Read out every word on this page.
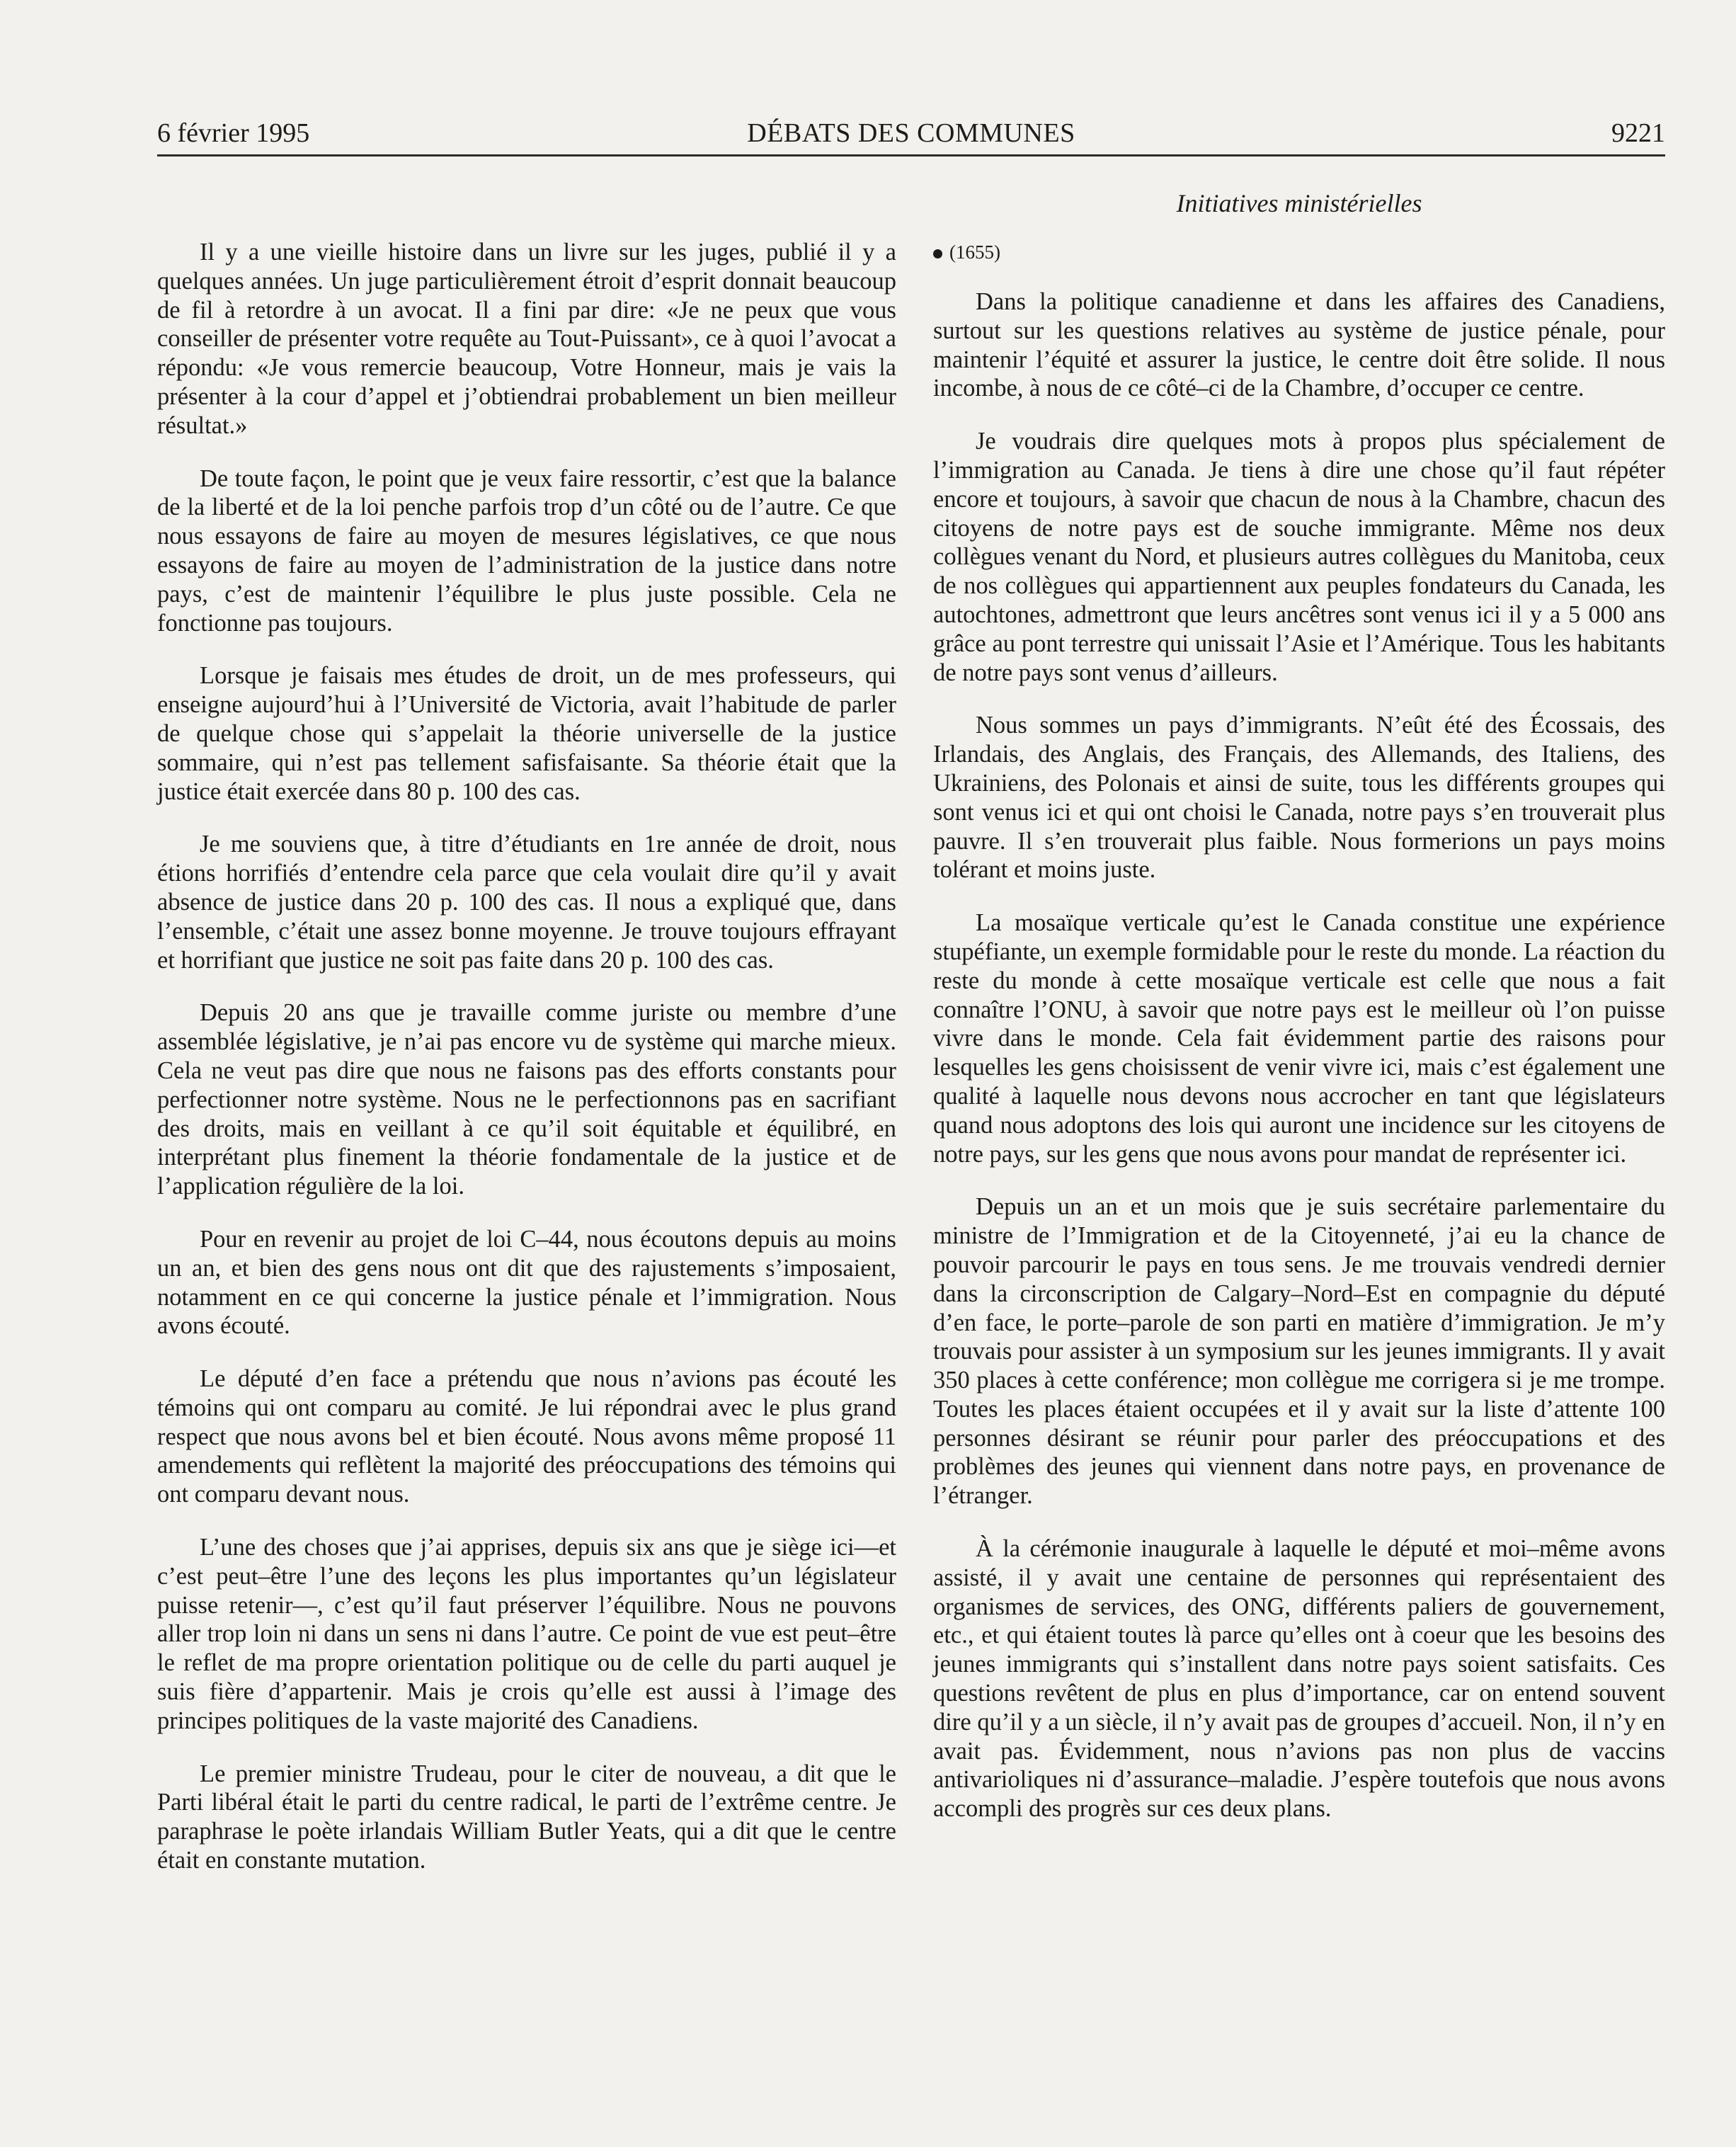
6 février 1995	DÉBATS DES COMMUNES	9221
Initiatives ministérielles

Il y a une vieille histoire dans un livre sur les juges, publié il y a quelques années. Un juge particulièrement étroit d’esprit donnait beaucoup de fil à retordre à un avocat. Il a fini par dire: «Je ne peux que vous conseiller de présenter votre requête au Tout-Puissant», ce à quoi l’avocat a répondu: «Je vous remercie beaucoup, Votre Honneur, mais je vais la présenter à la cour d’appel et j’obtiendrai probablement un bien meilleur résultat.»

De toute façon, le point que je veux faire ressortir, c’est que la balance de la liberté et de la loi penche parfois trop d’un côté ou de l’autre. Ce que nous essayons de faire au moyen de mesures législatives, ce que nous essayons de faire au moyen de l’administration de la justice dans notre pays, c’est de maintenir l’équilibre le plus juste possible. Cela ne fonctionne pas toujours.

Lorsque je faisais mes études de droit, un de mes professeurs, qui enseigne aujourd’hui à l’Université de Victoria, avait l’habitude de parler de quelque chose qui s’appelait la théorie universelle de la justice sommaire, qui n’est pas tellement safisfaisante. Sa théorie était que la justice était exercée dans 80 p. 100 des cas.

Je me souviens que, à titre d’étudiants en 1re année de droit, nous étions horrifiés d’entendre cela parce que cela voulait dire qu’il y avait absence de justice dans 20 p. 100 des cas. Il nous a expliqué que, dans l’ensemble, c’était une assez bonne moyenne. Je trouve toujours effrayant et horrifiant que justice ne soit pas faite dans 20 p. 100 des cas.

Depuis 20 ans que je travaille comme juriste ou membre d’une assemblée législative, je n’ai pas encore vu de système qui marche mieux. Cela ne veut pas dire que nous ne faisons pas des efforts constants pour perfectionner notre système. Nous ne le perfectionnons pas en sacrifiant des droits, mais en veillant à ce qu’il soit équitable et équilibré, en interprétant plus finement la théorie fondamentale de la justice et de l’application régulière de la loi.

Pour en revenir au projet de loi C–44, nous écoutons depuis au moins un an, et bien des gens nous ont dit que des rajustements s’imposaient, notamment en ce qui concerne la justice pénale et l’immigration. Nous avons écouté.

Le député d’en face a prétendu que nous n’avions pas écouté les témoins qui ont comparu au comité. Je lui répondrai avec le plus grand respect que nous avons bel et bien écouté. Nous avons même proposé 11 amendements qui reflètent la majorité des préoccupations des témoins qui ont comparu devant nous.

L’une des choses que j’ai apprises, depuis six ans que je siège ici—et c’est peut–être l’une des leçons les plus importantes qu’un législateur puisse retenir—, c’est qu’il faut préserver l’équilibre. Nous ne pouvons aller trop loin ni dans un sens ni dans l’autre. Ce point de vue est peut–être le reflet de ma propre orientation politique ou de celle du parti auquel je suis fière d’appartenir. Mais je crois qu’elle est aussi à l’image des principes politiques de la vaste majorité des Canadiens.

Le premier ministre Trudeau, pour le citer de nouveau, a dit que le Parti libéral était le parti du centre radical, le parti de l’extrême centre. Je paraphrase le poète irlandais William Butler Yeats, qui a dit que le centre était en constante mutation.

(1655)

Dans la politique canadienne et dans les affaires des Canadiens, surtout sur les questions relatives au système de justice pénale, pour maintenir l’équité et assurer la justice, le centre doit être solide. Il nous incombe, à nous de ce côté–ci de la Chambre, d’occuper ce centre.

Je voudrais dire quelques mots à propos plus spécialement de l’immigration au Canada. Je tiens à dire une chose qu’il faut répéter encore et toujours, à savoir que chacun de nous à la Chambre, chacun des citoyens de notre pays est de souche immigrante. Même nos deux collègues venant du Nord, et plusieurs autres collègues du Manitoba, ceux de nos collègues qui appartiennent aux peuples fondateurs du Canada, les autochtones, admettront que leurs ancêtres sont venus ici il y a 5 000 ans grâce au pont terrestre qui unissait l’Asie et l’Amérique. Tous les habitants de notre pays sont venus d’ailleurs.

Nous sommes un pays d’immigrants. N’eût été des Écossais, des Irlandais, des Anglais, des Français, des Allemands, des Italiens, des Ukrainiens, des Polonais et ainsi de suite, tous les différents groupes qui sont venus ici et qui ont choisi le Canada, notre pays s’en trouverait plus pauvre. Il s’en trouverait plus faible. Nous formerions un pays moins tolérant et moins juste.

La mosaïque verticale qu’est le Canada constitue une expérience stupéfiante, un exemple formidable pour le reste du monde. La réaction du reste du monde à cette mosaïque verticale est celle que nous a fait connaître l’ONU, à savoir que notre pays est le meilleur où l’on puisse vivre dans le monde. Cela fait évidemment partie des raisons pour lesquelles les gens choisissent de venir vivre ici, mais c’est également une qualité à laquelle nous devons nous accrocher en tant que législateurs quand nous adoptons des lois qui auront une incidence sur les citoyens de notre pays, sur les gens que nous avons pour mandat de représenter ici.

Depuis un an et un mois que je suis secrétaire parlementaire du ministre de l’Immigration et de la Citoyenneté, j’ai eu la chance de pouvoir parcourir le pays en tous sens. Je me trouvais vendredi dernier dans la circonscription de Calgary–Nord–Est en compagnie du député d’en face, le porte–parole de son parti en matière d’immigration. Je m’y trouvais pour assister à un symposium sur les jeunes immigrants. Il y avait 350 places à cette conférence; mon collègue me corrigera si je me trompe. Toutes les places étaient occupées et il y avait sur la liste d’attente 100 personnes désirant se réunir pour parler des préoccupations et des problèmes des jeunes qui viennent dans notre pays, en provenance de l’étranger.

À la cérémonie inaugurale à laquelle le député et moi–même avons assisté, il y avait une centaine de personnes qui représentaient des organismes de services, des ONG, différents paliers de gouvernement, etc., et qui étaient toutes là parce qu’elles ont à coeur que les besoins des jeunes immigrants qui s’installent dans notre pays soient satisfaits. Ces questions revêtent de plus en plus d’importance, car on entend souvent dire qu’il y a un siècle, il n’y avait pas de groupes d’accueil. Non, il n’y en avait pas. Évidemment, nous n’avions pas non plus de vaccins antivarioliques ni d’assurance–maladie. J’espère toutefois que nous avons accompli des progrès sur ces deux plans.
